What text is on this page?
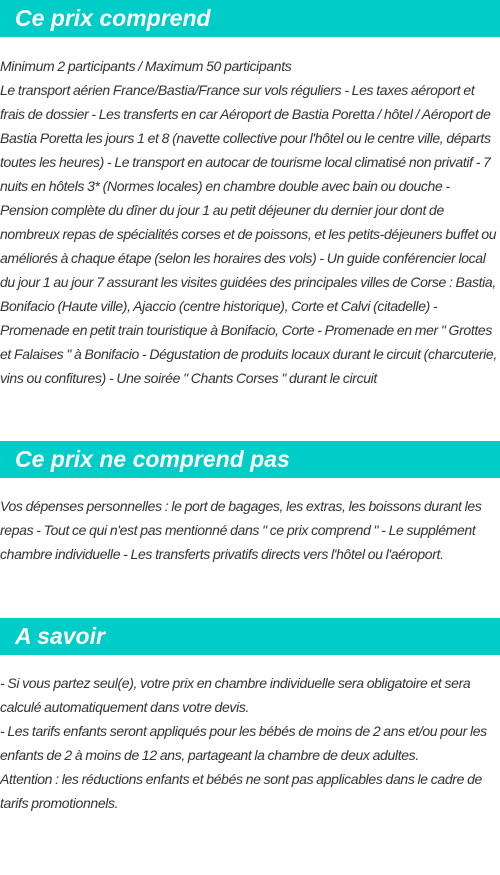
Ce prix comprend

Minimum 2 participants / Maximum 50 participants

Le transport aérien France/Bastia/France sur vols réguliers - Les taxes aéroport et frais de dossier - Les transferts en car Aéroport de Bastia Poretta / hôtel / Aéroport de Bastia Poretta les jours 1 et 8 (navette collective pour l'hôtel ou le centre ville, départs toutes les heures) - Le transport en autocar de tourisme local climatisé non privatif - 7 nuits en hôtels 3* (Normes locales) en chambre double avec bain ou douche - Pension complète du dîner du jour 1 au petit déjeuner du dernier jour dont de nombreux repas de spécialités corses et de poissons, et les petits-déjeuners buffet ou améliorés à chaque étape (selon les horaires des vols) - Un guide conférencier local du jour 1 au jour 7 assurant les visites guidées des principales villes de Corse : Bastia, Bonifacio (Haute ville), Ajaccio (centre historique), Corte et Calvi (citadelle) - Promenade en petit train touristique à Bonifacio, Corte - Promenade en mer " Grottes et Falaises " à Bonifacio - Dégustation de produits locaux durant le circuit (charcuterie, vins ou confitures) - Une soirée " Chants Corses " durant le circuit

Ce prix ne comprend pas

Vos dépenses personnelles : le port de bagages, les extras, les boissons durant les repas - Tout ce qui n'est pas mentionné dans " ce prix comprend " - Le supplément chambre individuelle - Les transferts privatifs directs vers l'hôtel ou l'aéroport.

A savoir

- Si vous partez seul(e), votre prix en chambre individuelle sera obligatoire et sera calculé automatiquement dans votre devis.

- Les tarifs enfants seront appliqués pour les bébés de moins de 2 ans et/ou pour les enfants de 2 à moins de 12 ans, partageant la chambre de deux adultes.

Attention : les réductions enfants et bébés ne sont pas applicables dans le cadre de tarifs promotionnels.
